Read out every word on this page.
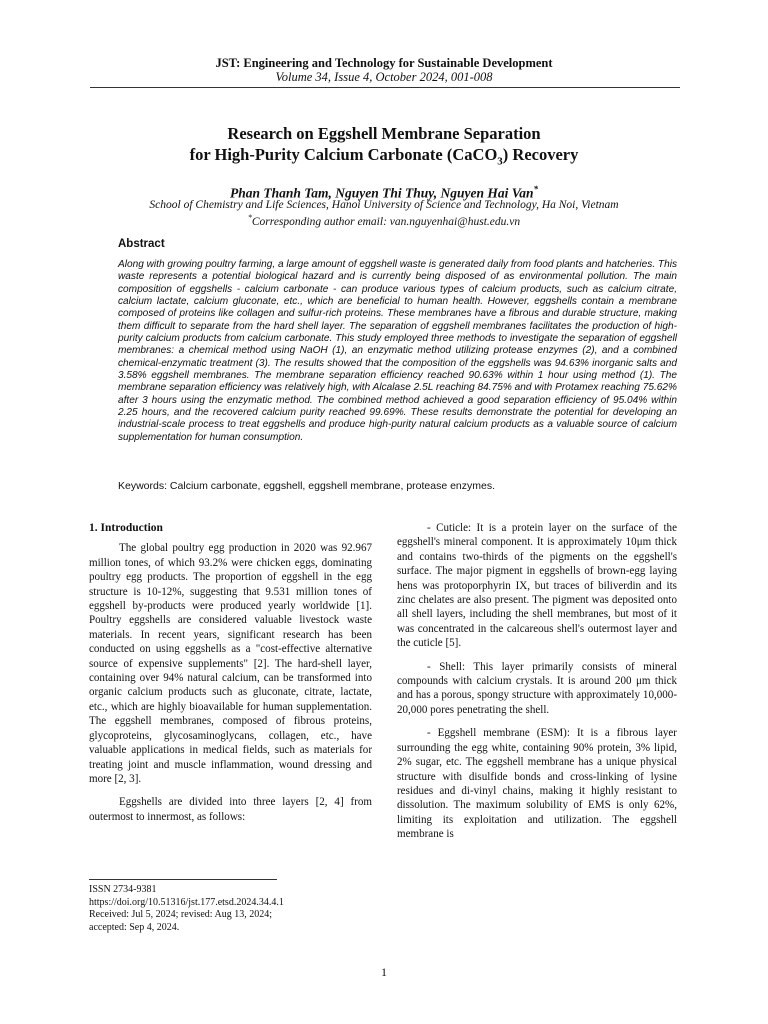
JST: Engineering and Technology for Sustainable Development
Volume 34, Issue 4, October 2024, 001-008
Research on Eggshell Membrane Separation
for High-Purity Calcium Carbonate (CaCO$_3$) Recovery
Phan Thanh Tam, Nguyen Thi Thuy, Nguyen Hai Van*
School of Chemistry and Life Sciences, Hanoi University of Science and Technology, Ha Noi, Vietnam
*Corresponding author email: van.nguyenhai@hust.edu.vn
Abstract
Along with growing poultry farming, a large amount of eggshell waste is generated daily from food plants and hatcheries. This waste represents a potential biological hazard and is currently being disposed of as environmental pollution. The main composition of eggshells - calcium carbonate - can produce various types of calcium products, such as calcium citrate, calcium lactate, calcium gluconate, etc., which are beneficial to human health. However, eggshells contain a membrane composed of proteins like collagen and sulfur-rich proteins. These membranes have a fibrous and durable structure, making them difficult to separate from the hard shell layer. The separation of eggshell membranes facilitates the production of high-purity calcium products from calcium carbonate. This study employed three methods to investigate the separation of eggshell membranes: a chemical method using NaOH (1), an enzymatic method utilizing protease enzymes (2), and a combined chemical-enzymatic treatment (3). The results showed that the composition of the eggshells was 94.63% inorganic salts and 3.58% eggshell membranes. The membrane separation efficiency reached 90.63% within 1 hour using method (1). The membrane separation efficiency was relatively high, with Alcalase 2.5L reaching 84.75% and with Protamex reaching 75.62% after 3 hours using the enzymatic method. The combined method achieved a good separation efficiency of 95.04% within 2.25 hours, and the recovered calcium purity reached 99.69%. These results demonstrate the potential for developing an industrial-scale process to treat eggshells and produce high-purity natural calcium products as a valuable source of calcium supplementation for human consumption.
Keywords: Calcium carbonate, eggshell, eggshell membrane, protease enzymes.

1. Introduction

The global poultry egg production in 2020 was 92.967 million tones, of which 93.2% were chicken eggs, dominating poultry egg products. The proportion of eggshell in the egg structure is 10-12%, suggesting that 9.531 million tones of eggshell by-products were produced yearly worldwide [1]. Poultry eggshells are considered valuable livestock waste materials. In recent years, significant research has been conducted on using eggshells as a "cost-effective alternative source of expensive supplements" [2]. The hard-shell layer, containing over 94% natural calcium, can be transformed into organic calcium products such as gluconate, citrate, lactate, etc., which are highly bioavailable for human supplementation. The eggshell membranes, composed of fibrous proteins, glycoproteins, glycosaminoglycans, collagen, etc., have valuable applications in medical fields, such as materials for treating joint and muscle inflammation, wound dressing and more [2, 3].

Eggshells are divided into three layers [2, 4] from outermost to innermost, as follows:

- Cuticle: It is a protein layer on the surface of the eggshell's mineral component. It is approximately 10μm thick and contains two-thirds of the pigments on the eggshell's surface. The major pigment in eggshells of brown-egg laying hens was protoporphyrin IX, but traces of biliverdin and its zinc chelates are also present. The pigment was deposited onto all shell layers, including the shell membranes, but most of it was concentrated in the calcareous shell's outermost layer and the cuticle [5].

- Shell: This layer primarily consists of mineral compounds with calcium crystals. It is around 200 μm thick and has a porous, spongy structure with approximately 10,000-20,000 pores penetrating the shell.

- Eggshell membrane (ESM): It is a fibrous layer surrounding the egg white, containing 90% protein, 3% lipid, 2% sugar, etc. The eggshell membrane has a unique physical structure with disulfide bonds and cross-linking of lysine residues and di-vinyl chains, making it highly resistant to dissolution. The maximum solubility of EMS is only 62%, limiting its exploitation and utilization. The eggshell membrane is

ISSN 2734-9381
https://doi.org/10.51316/jst.177.etsd.2024.34.4.1
Received: Jul 5, 2024; revised: Aug 13, 2024;
accepted: Sep 4, 2024.
1
